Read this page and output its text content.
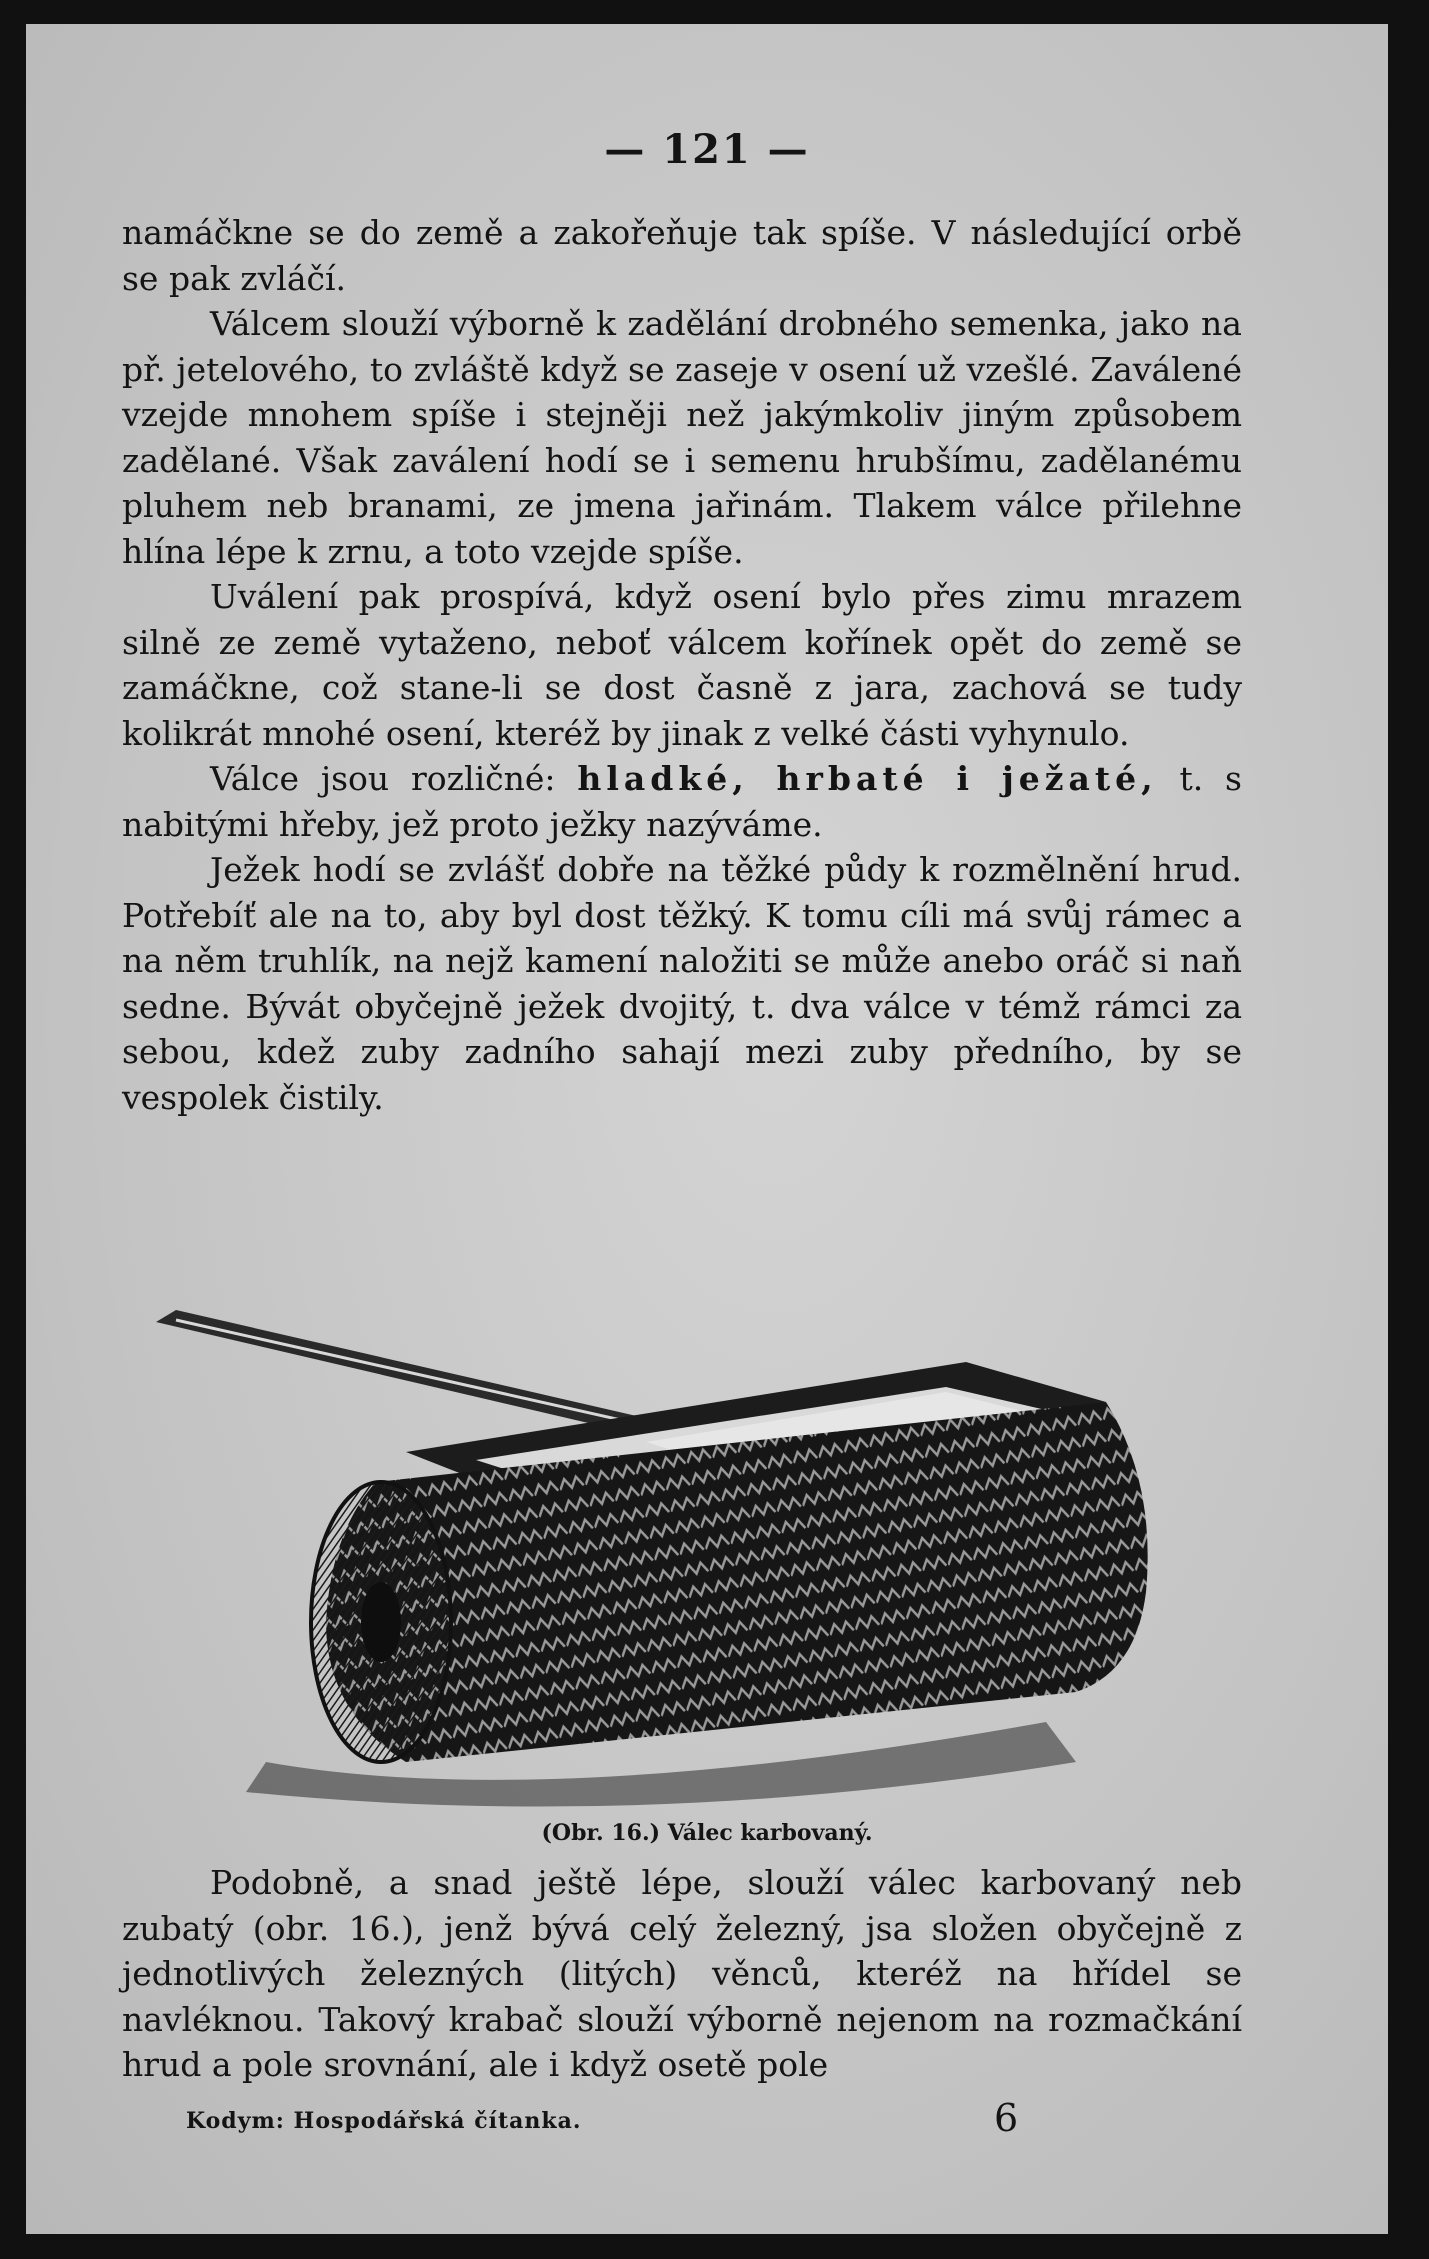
— 121 —

namáčkne se do země a zakořeňuje tak spíše. V následující orbě se pak zvláčí.

Válcem slouží výborně k zadělání drobného semenka, jako na př. jetelového, to zvláště když se zaseje v osení už vzešlé. Zaválené vzejde mnohem spíše i stejněji než jakýmkoliv jiným způsobem zadělané. Však zaválení hodí se i semenu hrubšímu, zadělanému pluhem neb branami, ze jmena jařinám. Tlakem válce přilehne hlína lépe k zrnu, a toto vzejde spíše.

Uválení pak prospívá, když osení bylo přes zimu mrazem silně ze země vytaženo, neboť válcem kořínek opět do země se zamáčkne, což stane-li se dost časně z jara, zachová se tudy kolikrát mnohé osení, kteréž by jinak z velké části vyhynulo.

Válce jsou rozličné: hladké, hrbaté i ježaté, t. s nabitými hřeby, jež proto ježky nazýváme.

Ježek hodí se zvlášť dobře na těžké půdy k rozmělnění hrud. Potřebíť ale na to, aby byl dost těžký. K tomu cíli má svůj rámec a na něm truhlík, na nejž kamení naložiti se může anebo oráč si naň sedne. Bývát obyčejně ježek dvojitý, t. dva válce v témž rámci za sebou, kdež zuby zadního sahají mezi zuby předního, by se vespolek čistily.

(Obr. 16.) Válec karbovaný.

Podobně, a snad ještě lépe, slouží válec karbovaný neb zubatý (obr. 16.), jenž bývá celý železný, jsa složen obyčejně z jednotlivých železných (litých) věnců, kteréž na hřídel se navléknou. Takový krabač slouží výborně nejenom na rozmačkání hrud a pole srovnání, ale i když osetě pole

Kodym: Hospodářská čítanka.	6
